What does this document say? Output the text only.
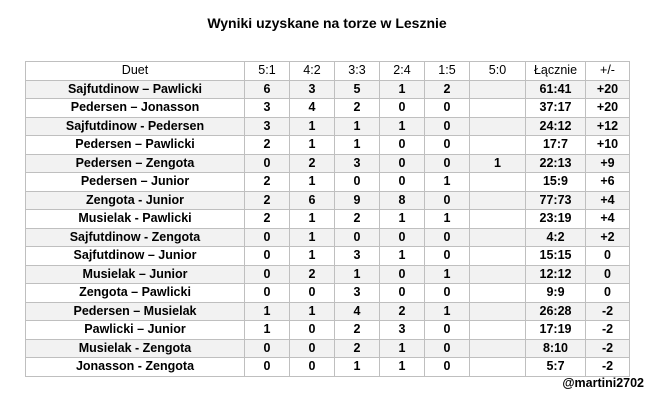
Wyniki uzyskane na torze w Lesznie
Duet	5:1	4:2	3:3	2:4	1:5	5:0	Łącznie	+/-
Sajfutdinow – Pawlicki	6	3	5	1	2		61:41	+20
Pedersen – Jonasson	3	4	2	0	0		37:17	+20
Sajfutdinow - Pedersen	3	1	1	1	0		24:12	+12
Pedersen – Pawlicki	2	1	1	0	0		17:7	+10
Pedersen – Zengota	0	2	3	0	0	1	22:13	+9
Pedersen – Junior	2	1	0	0	1		15:9	+6
Zengota - Junior	2	6	9	8	0		77:73	+4
Musielak - Pawlicki	2	1	2	1	1		23:19	+4
Sajfutdinow - Zengota	0	1	0	0	0		4:2	+2
Sajfutdinow – Junior	0	1	3	1	0		15:15	0
Musielak – Junior	0	2	1	0	1		12:12	0
Zengota – Pawlicki	0	0	3	0	0		9:9	0
Pedersen – Musielak	1	1	4	2	1		26:28	-2
Pawlicki – Junior	1	0	2	3	0		17:19	-2
Musielak - Zengota	0	0	2	1	0		8:10	-2
Jonasson - Zengota	0	0	1	1	0		5:7	-2
@martini2702
